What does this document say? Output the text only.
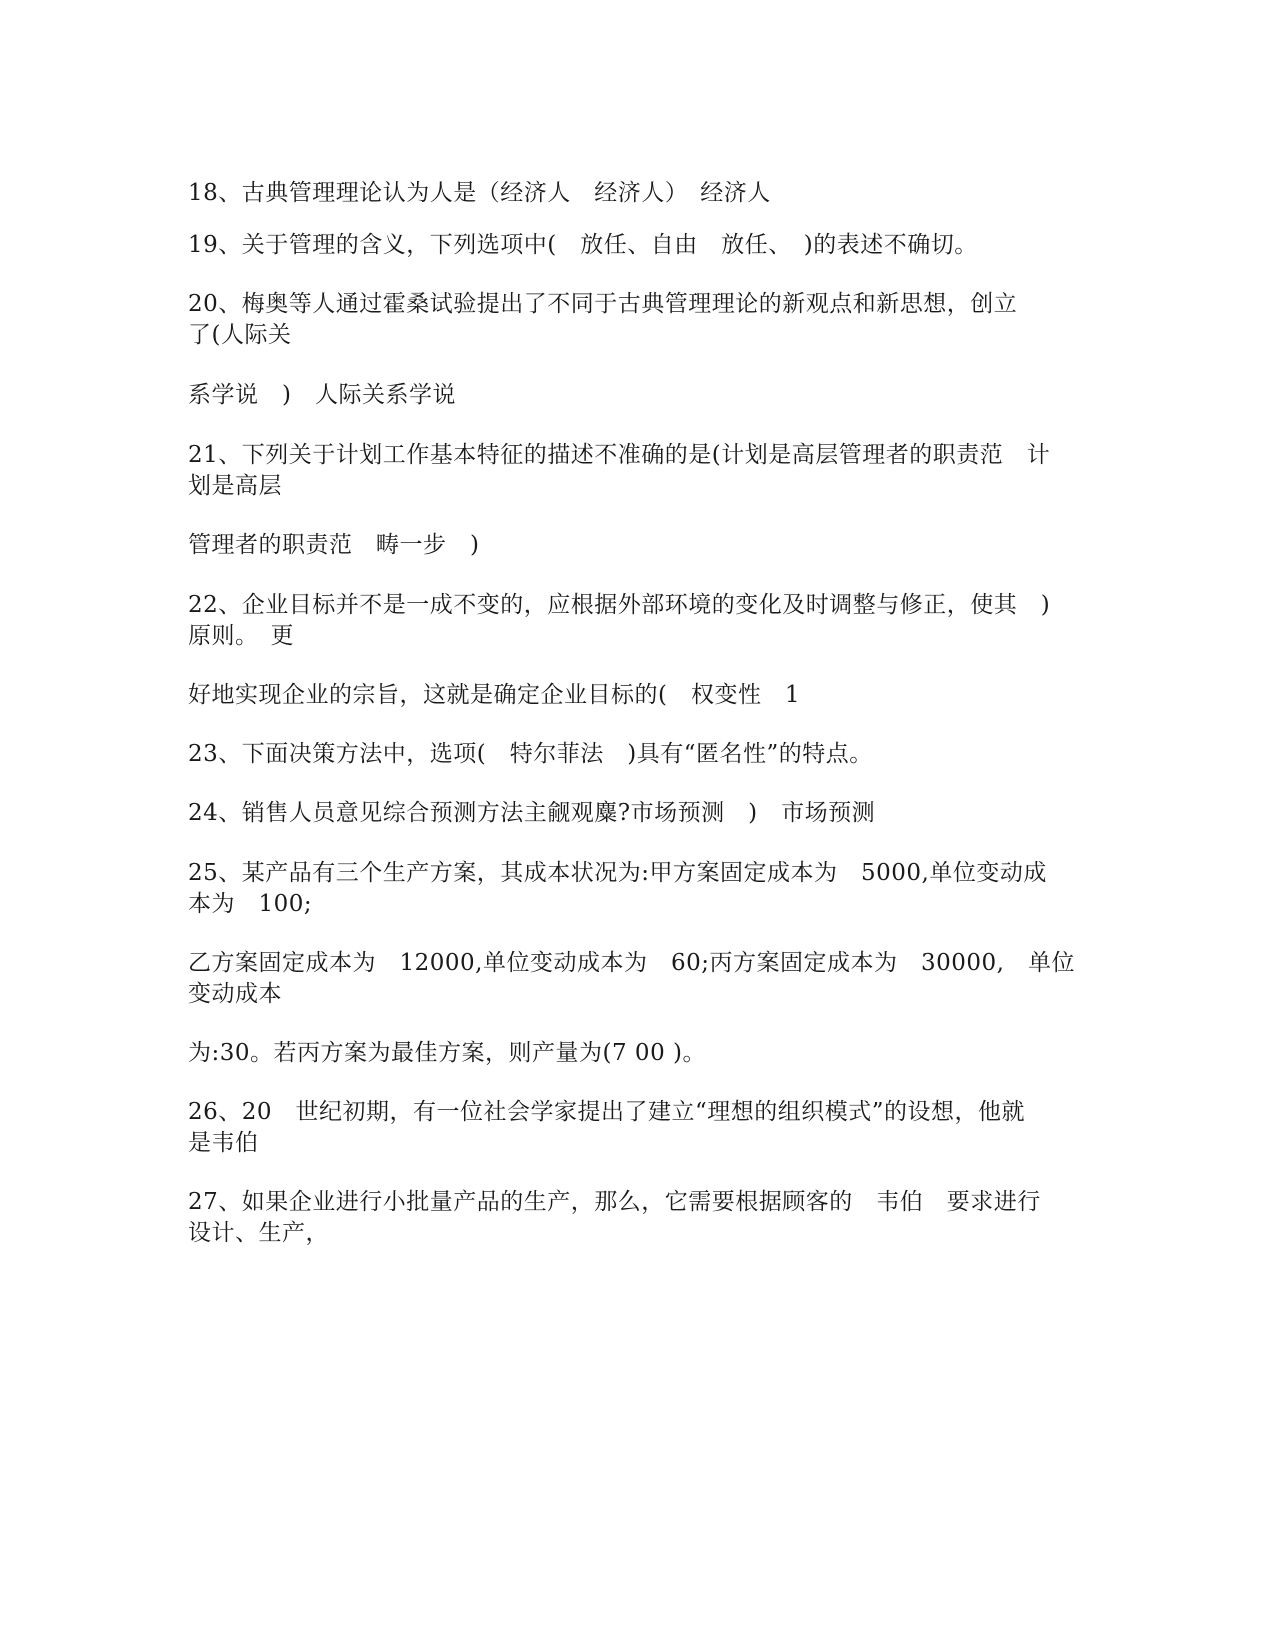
18、古典管理理论认为人是（经济人　经济人）　经济人

19、关于管理的含义，下列选项中(　放任、自由　放任、　)的表述不确切。

20、梅奥等人通过霍桑试验提出了不同于古典管理理论的新观点和新思想，创立
了(人际关

系学说　)　人际关系学说

21、下列关于计划工作基本特征的描述不准确的是(计划是高层管理者的职责范　计
划是高层

管理者的职责范　畴一步　)

22、企业目标并不是一成不变的，应根据外部环境的变化及时调整与修正，使其　)
原则。　更

好地实现企业的宗旨，这就是确定企业目标的(　权变性　1

23、下面决策方法中，选项(　特尔菲法　)具有“匿名性”的特点。

24、销售人员意见综合预测方法主觎观麋?市场预测　)　市场预测

25、某产品有三个生产方案，其成本状况为:甲方案固定成本为　5000,单位变动成
本为　100;

乙方案固定成本为　12000,单位变动成本为　60;丙方案固定成本为　30000,　单位
变动成本

为:30。若丙方案为最佳方案，则产量为(7 00 )。

26、20　世纪初期，有一位社会学家提出了建立“理想的组织模式”的设想，他就
是韦伯

27、如果企业进行小批量产品的生产，那么，它需要根据顾客的　韦伯　要求进行
设计、生产，
